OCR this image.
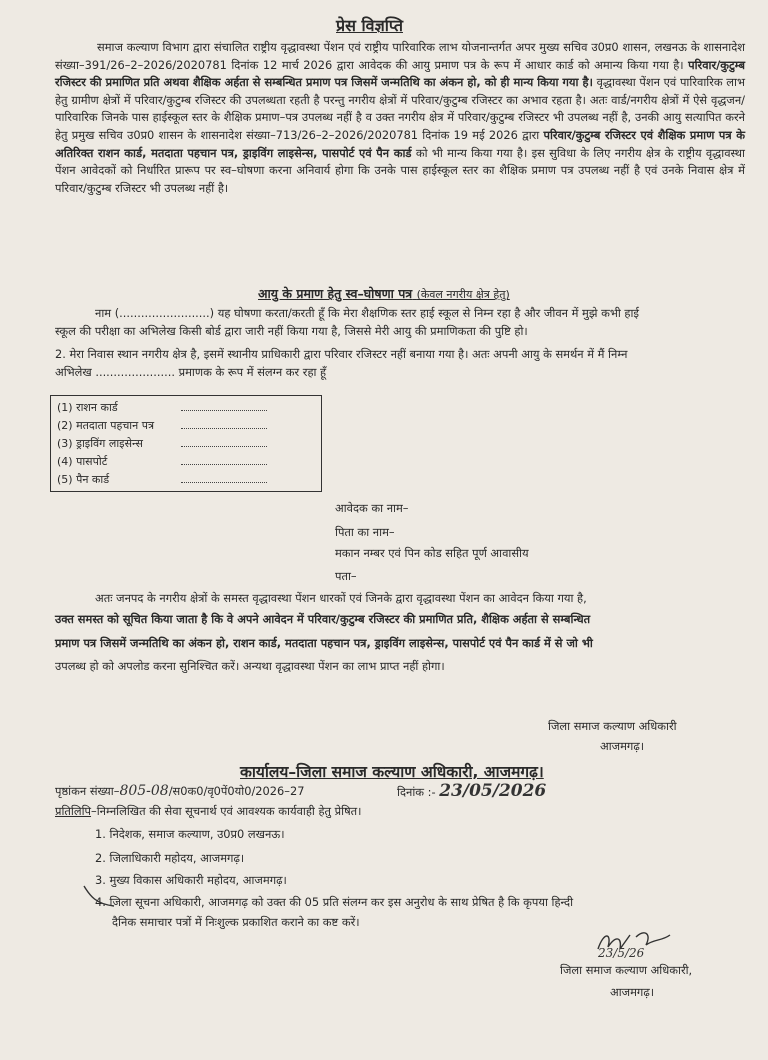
प्रेस विज्ञप्ति
समाज कल्याण विभाग द्वारा संचालित राष्ट्रीय वृद्धावस्था पेंशन एवं राष्ट्रीय पारिवारिक लाभ योजनान्तर्गत अपर मुख्य सचिव उ0प्र0 शासन, लखनऊ के शासनादेश संख्या–391/26–2–2026/2020781 दिनांक 12 मार्च 2026 द्वारा आवेदक की आयु प्रमाण पत्र के रूप में आधार कार्ड को अमान्य किया गया है। परिवार/कुटुम्ब रजिस्टर की प्रमाणित प्रति अथवा शैक्षिक अर्हता से सम्बन्धित प्रमाण पत्र जिसमें जन्मतिथि का अंकन हो, को ही मान्य किया गया है। वृद्धावस्था पेंशन एवं पारिवारिक लाभ हेतु ग्रामीण क्षेत्रों में परिवार/कुटुम्ब रजिस्टर की उपलब्धता रहती है परन्तु नगरीय क्षेत्रों में परिवार/कुटुम्ब रजिस्टर का अभाव रहता है। अतः वार्ड/नगरीय क्षेत्रों में ऐसे वृद्धजन/पारिवारिक जिनके पास हाईस्कूल स्तर के शैक्षिक प्रमाण–पत्र उपलब्ध नहीं है व उक्त नगरीय क्षेत्र में परिवार/कुटुम्ब रजिस्टर भी उपलब्ध नहीं है, उनकी आयु सत्यापित करने हेतु प्रमुख सचिव उ0प्र0 शासन के शासनादेश संख्या–713/26–2–2026/2020781 दिनांक 19 मई 2026 द्वारा परिवार/कुटुम्ब रजिस्टर एवं शैक्षिक प्रमाण पत्र के अतिरिक्त राशन कार्ड, मतदाता पहचान पत्र, ड्राइविंग लाइसेन्स, पासपोर्ट एवं पैन कार्ड को भी मान्य किया गया है। इस सुविधा के लिए नगरीय क्षेत्र के राष्ट्रीय वृद्धावस्था पेंशन आवेदकों को निर्धारित प्रारूप पर स्व–घोषणा करना अनिवार्य होगा कि उनके पास हाईस्कूल स्तर का शैक्षिक प्रमाण पत्र उपलब्ध नहीं है एवं उनके निवास क्षेत्र में परिवार/कुटुम्ब रजिस्टर भी उपलब्ध नहीं है।
आयु के प्रमाण हेतु स्व–घोषणा पत्र (केवल नगरीय क्षेत्र हेतु)
नाम (.........................) यह घोषणा करता/करती हूँ कि मेरा शैक्षणिक स्तर हाई स्कूल से निम्न रहा है और जीवन में मुझे कभी हाई
स्कूल की परीक्षा का अभिलेख किसी बोर्ड द्वारा जारी नहीं किया गया है, जिससे मेरी आयु की प्रमाणिकता की पुष्टि हो।
2. मेरा निवास स्थान नगरीय क्षेत्र है, इसमें स्थानीय प्राधिकारी द्वारा परिवार रजिस्टर नहीं बनाया गया है। अतः अपनी आयु के समर्थन में मैं निम्न
अभिलेख ...................... प्रमाणक के रूप में संलग्न कर रहा हूँ
(1) राशन कार्ड
(2) मतदाता पहचान पत्र
(3) ड्राइविंग लाइसेन्स
(4) पासपोर्ट
(5) पैन कार्ड
आवेदक का नाम–
पिता का नाम–
मकान नम्बर एवं पिन कोड सहित पूर्ण आवासीय
पता–
अतः जनपद के नगरीय क्षेत्रों के समस्त वृद्धावस्था पेंशन धारकों एवं जिनके द्वारा वृद्धावस्था पेंशन का आवेदन किया गया है,
उक्त समस्त को सूचित किया जाता है कि वे अपने आवेदन में परिवार/कुटुम्ब रजिस्टर की प्रमाणित प्रति, शैक्षिक अर्हता से सम्बन्धित
प्रमाण पत्र जिसमें जन्मतिथि का अंकन हो, राशन कार्ड, मतदाता पहचान पत्र, ड्राइविंग लाइसेन्स, पासपोर्ट एवं पैन कार्ड में से जो भी
उपलब्ध हो को अपलोड करना सुनिश्चित करें। अन्यथा वृद्धावस्था पेंशन का लाभ प्राप्त नहीं होगा।
जिला समाज कल्याण अधिकारी
आजमगढ़।
कार्यालय–जिला समाज कल्याण अधिकारी, आजमगढ़।
पृष्ठांकन संख्या–805-08/स0क0/वृ0पें0यो0/2026–27	दिनांक :- 23/05/2026
प्रतिलिपि–निम्नलिखित की सेवा सूचनार्थ एवं आवश्यक कार्यवाही हेतु प्रेषित।
1. निदेशक, समाज कल्याण, उ0प्र0 लखनऊ।
2. जिलाधिकारी महोदय, आजमगढ़।
3. मुख्य विकास अधिकारी महोदय, आजमगढ़।
4. जिला सूचना अधिकारी, आजमगढ़ को उक्त की 05 प्रति संलग्न कर इस अनुरोध के साथ प्रेषित है कि कृपया हिन्दी
दैनिक समाचार पत्रों में निःशुल्क प्रकाशित कराने का कष्ट करें।
23/5/26
जिला समाज कल्याण अधिकारी,
आजमगढ़।
